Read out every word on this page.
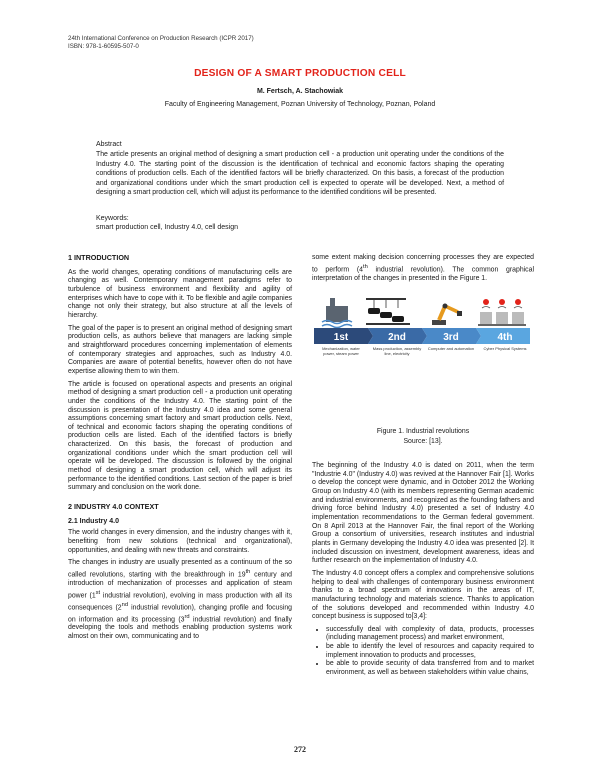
24th International Conference on Production Research (ICPR 2017)
ISBN: 978-1-60595-507-0
DESIGN OF A SMART PRODUCTION CELL
M. Fertsch, A. Stachowiak
Faculty of Engineering Management, Poznan University of Technology, Poznan, Poland
Abstract
The article presents an original method of designing a smart production cell - a production unit operating under the conditions of the Industry 4.0. The starting point of the discussion is the identification of technical and economic factors shaping the operating conditions of production cells. Each of the identified factors will be briefly characterized. On this basis, a forecast of the production and organizational conditions under which the smart production cell is expected to operate will be developed. Next, a method of designing a smart production cell, which will adjust its performance to the identified conditions will be presented.
Keywords:
smart production cell, Industry 4.0, cell design
1 INTRODUCTION

As the world changes, operating conditions of manufacturing cells are changing as well. Contemporary management paradigms refer to turbulence of business environment and flexibility and agility of enterprises which have to cope with it. To be flexible and agile companies change not only their strategy, but also structure at all the levels of hierarchy.

The goal of the paper is to present an original method of designing smart production cells, as authors believe that managers are lacking simple and straightforward procedures concerning implementation of elements of contemporary strategies and approaches, such as Industry 4.0. Companies are aware of potential benefits, however often do not have expertise allowing them to win them.

The article is focused on operational aspects and presents an original method of designing a smart production cell - a production unit operating under the conditions of the Industry 4.0. The starting point of the discussion is presentation of the Industry 4.0 idea and some general assumptions concerning smart factory and smart production cells. Next, of technical and economic factors shaping the operating conditions of production cells are listed. Each of the identified factors is briefly characterized. On this basis, the forecast of production and organizational conditions under which the smart production cell will operate will be developed. The discussion is followed by the original method of designing a smart production cell, which will adjust its performance to the identified conditions. Last section of the paper is brief summary and conclusion on the work done.

2 INDUSTRY 4.0 CONTEXT
2.1 Industry 4.0

The world changes in every dimension, and the industry changes with it, benefiting from new solutions (technical and organizational), opportunities, and dealing with new threats and constraints.

The changes in industry are usually presented as a continuum of the so called revolutions, starting with the breakthrough in 19th century and introduction of mechanization of processes and application of steam power (1st industrial revolution), evolving in mass production with all its consequences (2nd industrial revolution), changing profile and focusing on information and its processing (3rd industrial revolution) and finally developing the tools and methods enabling production systems work almost on their own, communicating and to

some extent making decision concerning processes they are expected to perform (4th industrial revolution). The common graphical interpretation of the changes in presented in the Figure 1.

1st	2nd	3rd	4th
Mechanization, water power, steam power
Mass production, assembly line, electricity
Computer and automation	Cyber Physical Systems
Figure 1. Industrial revolutions
Source: [13].

The beginning of the Industry 4.0 is dated on 2011, when the term "Industrie 4.0" (Industry 4.0) was revived at the Hannover Fair [1]. Works o develop the concept were dynamic, and in October 2012 the Working Group on Industry 4.0 (with its members representing German academic and industrial environments, and recognized as the founding fathers and driving force behind Industry 4.0) presented a set of Industry 4.0 implementation recommendations to the German federal government. On 8 April 2013 at the Hannover Fair, the final report of the Working Group a consortium of universities, research institutes and industrial plants in Germany developing the Industry 4.0 idea was presented [2]. It included discussion on investment, development awareness, ideas and further research on the implementation of Industry 4.0.

The Industry 4.0 concept offers a complex and comprehensive solutions helping to deal with challenges of contemporary business environment thanks to a broad spectrum of innovations in the areas of IT, manufacturing technology and materials science. Thanks to application of the solutions developed and recommended within Industry 4.0 concept business is supposed to[3,4]:

• successfully deal with complexity of data, products, processes (including management process) and market environment,
• be able to identify the level of resources and capacity required to implement innovation to products and processes,
• be able to provide security of data transferred from and to market environment, as well as between stakeholders within value chains,
272
